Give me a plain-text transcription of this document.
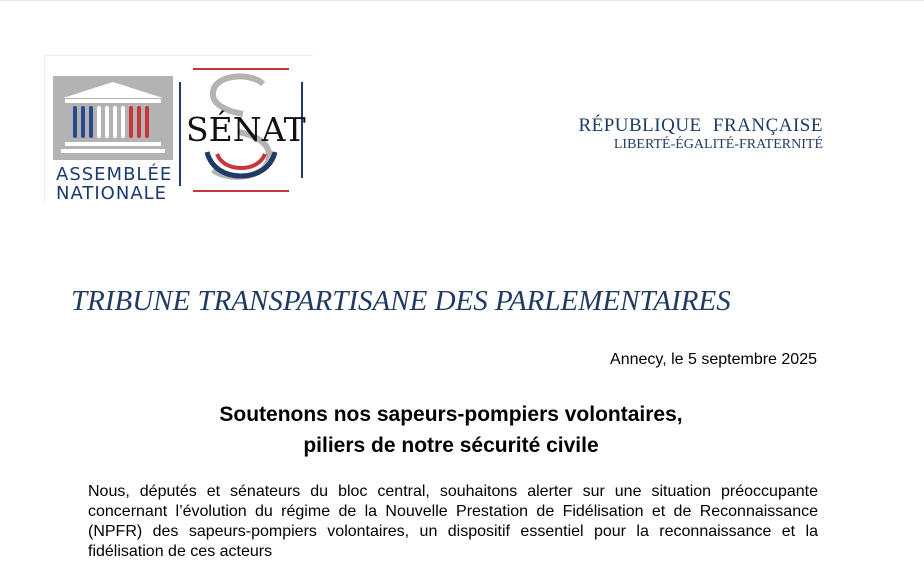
ASSEMBLÉE
NATIONALE
SÉNAT	RÉPUBLIQUE FRANÇAISE
LIBERTÉ-ÉGALITÉ-FRATERNITÉ
TRIBUNE TRANSPARTISANE DES PARLEMENTAIRES
Annecy, le 5 septembre 2025
Soutenons nos sapeurs-pompiers volontaires,
piliers de notre sécurité civile

Nous, députés et sénateurs du bloc central, souhaitons alerter sur une situation préoccupante concernant l’évolution du régime de la Nouvelle Prestation de Fidélisation et de Reconnaissance (NPFR) des sapeurs-pompiers volontaires, un dispositif essentiel pour la reconnaissance et la fidélisation de ces acteurs
